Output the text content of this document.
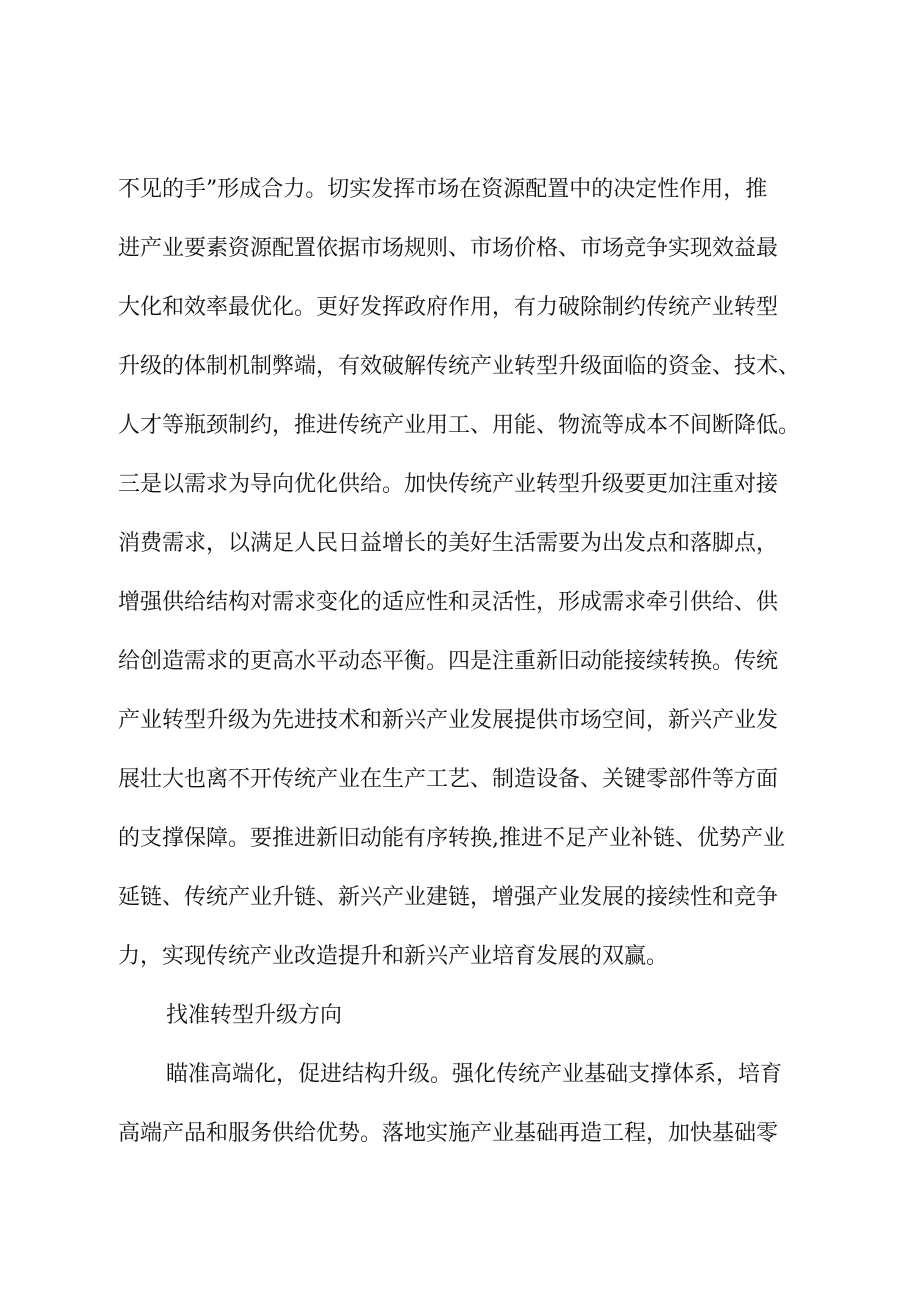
不见的手”形成合力。切实发挥市场在资源配置中的决定性作用，推
进产业要素资源配置依据市场规则、市场价格、市场竞争实现效益最
大化和效率最优化。更好发挥政府作用，有力破除制约传统产业转型
升级的体制机制弊端，有效破解传统产业转型升级面临的资金、技术、
人才等瓶颈制约，推进传统产业用工、用能、物流等成本不间断降低。
三是以需求为导向优化供给。加快传统产业转型升级要更加注重对接
消费需求，以满足人民日益增长的美好生活需要为出发点和落脚点，
增强供给结构对需求变化的适应性和灵活性，形成需求牵引供给、供
给创造需求的更高水平动态平衡。四是注重新旧动能接续转换。传统
产业转型升级为先进技术和新兴产业发展提供市场空间，新兴产业发
展壮大也离不开传统产业在生产工艺、制造设备、关键零部件等方面
的支撑保障。要推进新旧动能有序转换,推进不足产业补链、优势产业
延链、传统产业升链、新兴产业建链，增强产业发展的接续性和竞争
力，实现传统产业改造提升和新兴产业培育发展的双赢。
找准转型升级方向
瞄准高端化，促进结构升级。强化传统产业基础支撑体系，培育
高端产品和服务供给优势。落地实施产业基础再造工程，加快基础零
